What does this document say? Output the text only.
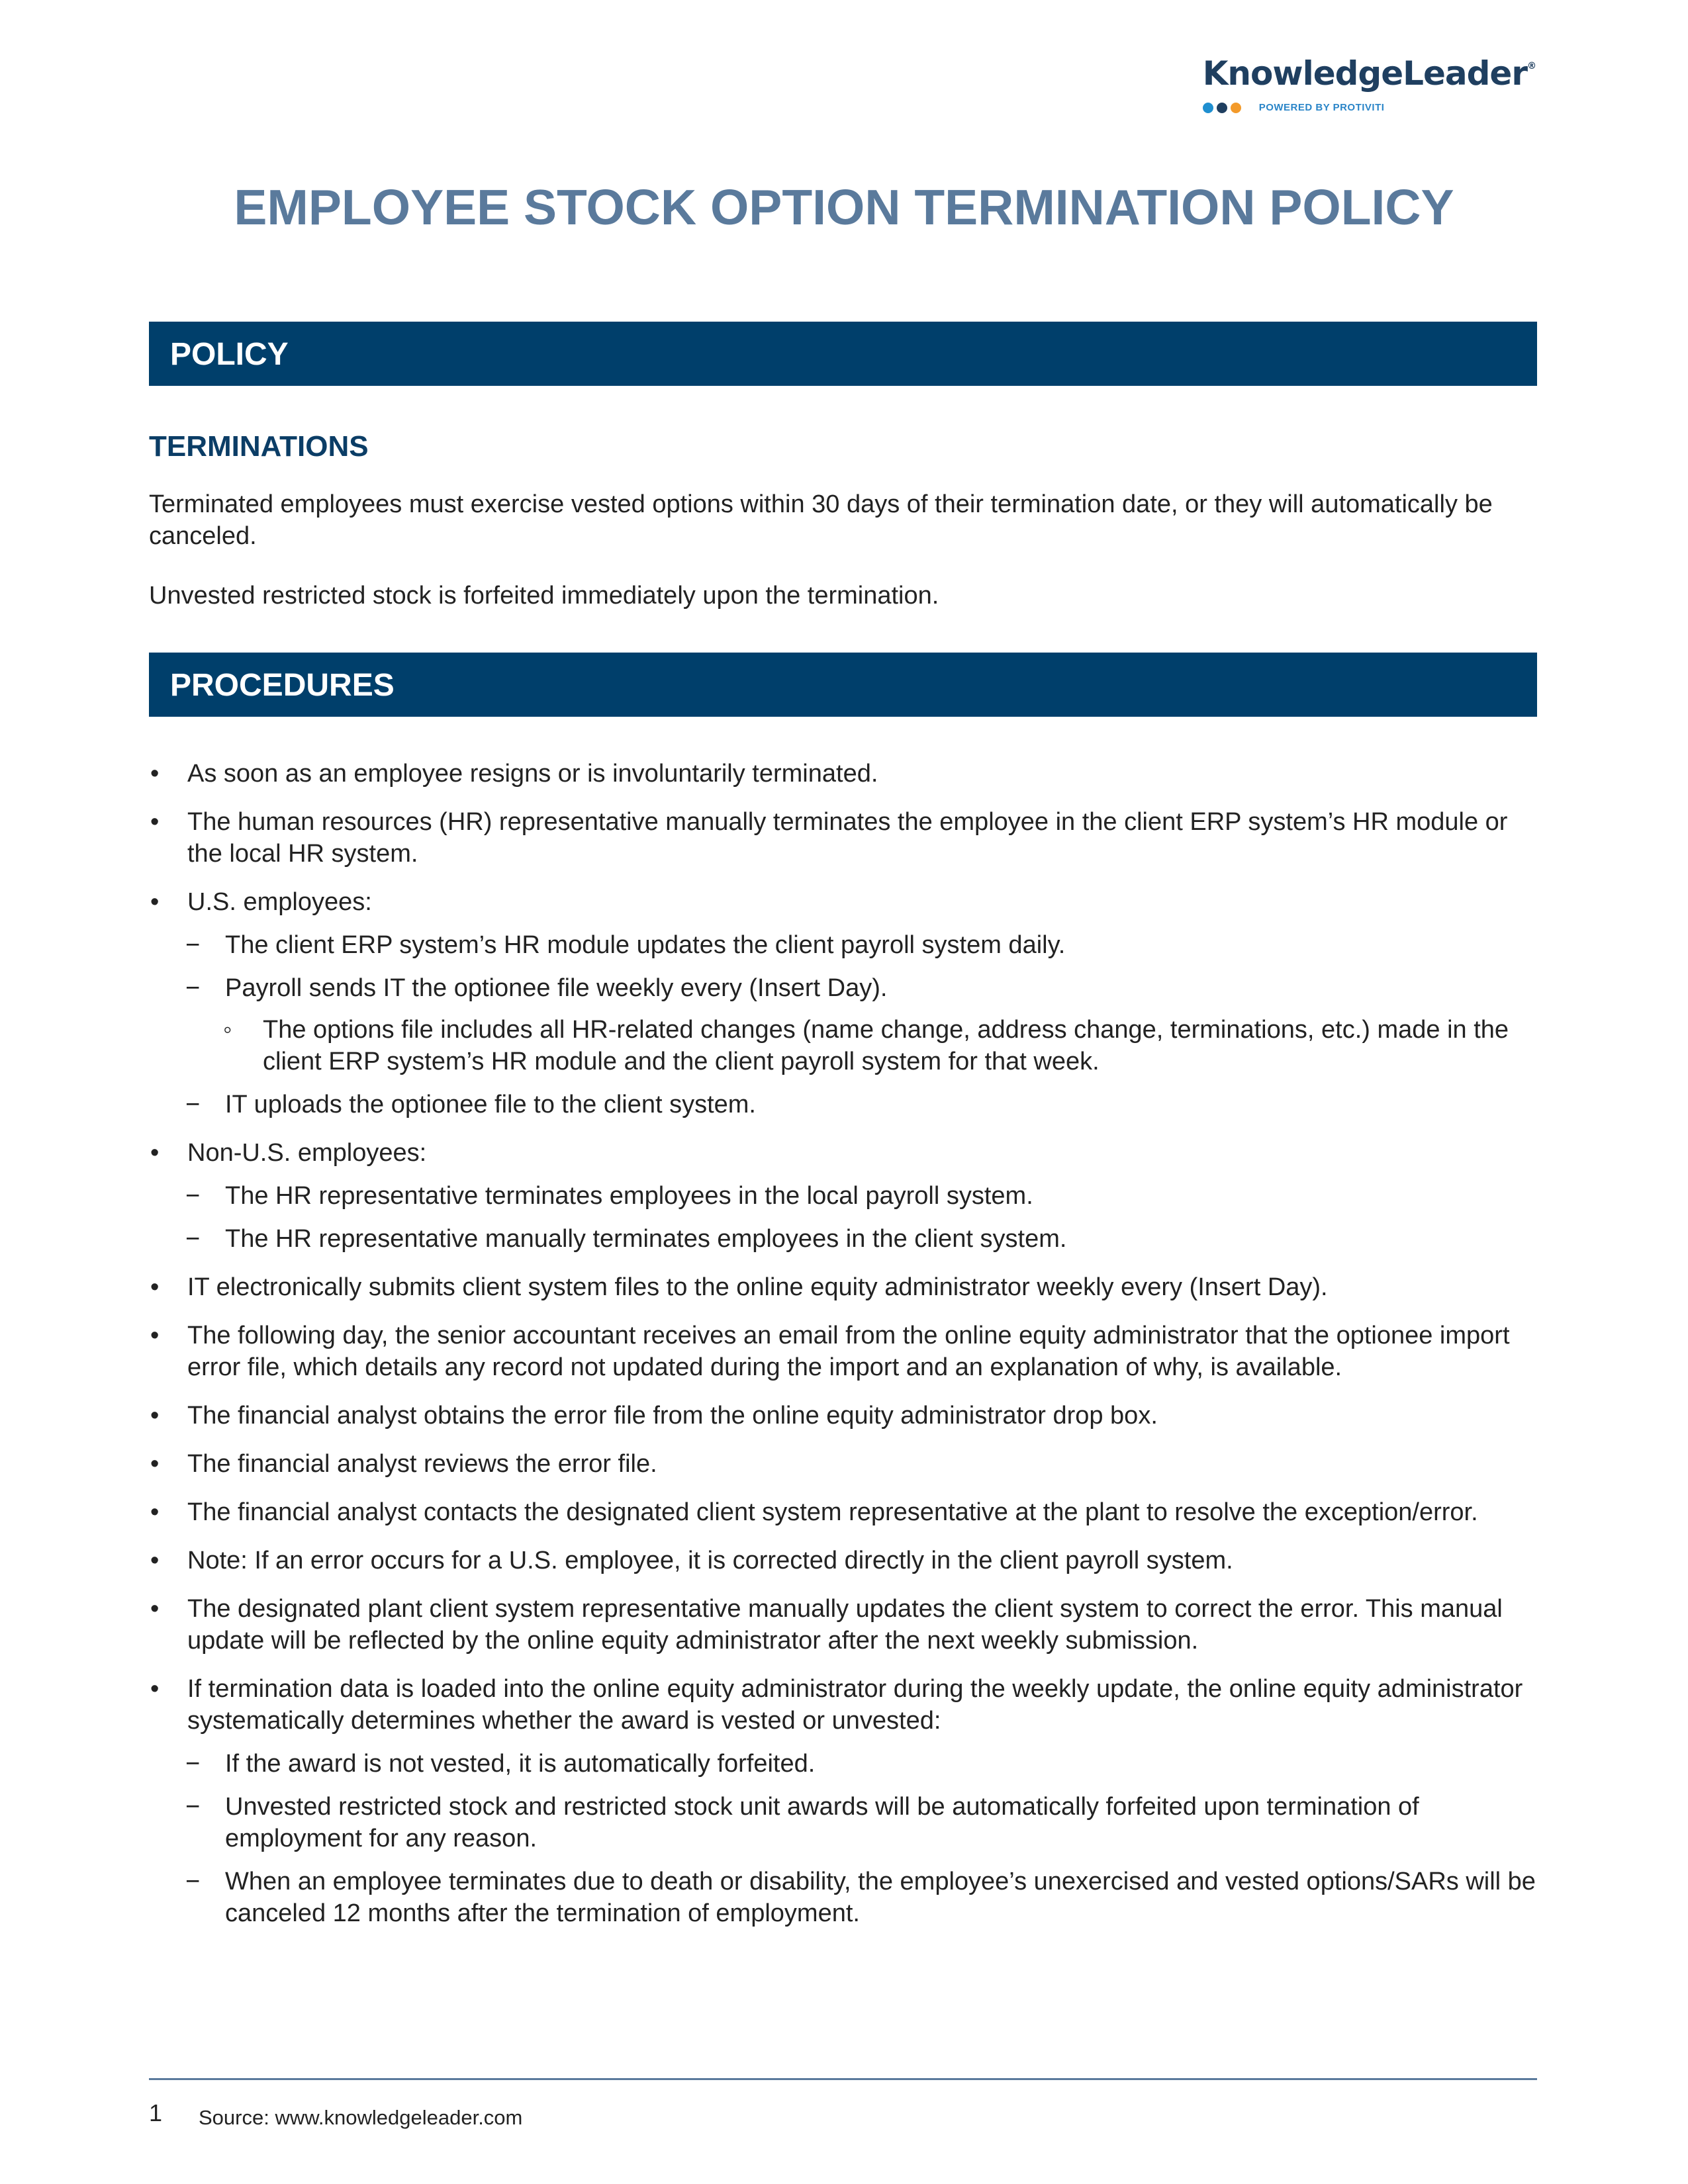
KnowledgeLeader®
POWERED BY PROTIVITI
EMPLOYEE STOCK OPTION TERMINATION POLICY
POLICY
TERMINATIONS
Terminated employees must exercise vested options within 30 days of their termination date, or they will automatically be canceled.
Unvested restricted stock is forfeited immediately upon the termination.
PROCEDURES
• As soon as an employee resigns or is involuntarily terminated.
• The human resources (HR) representative manually terminates the employee in the client ERP system’s HR module or the local HR system.
• U.S. employees:
− The client ERP system’s HR module updates the client payroll system daily.
− Payroll sends IT the optionee file weekly every (Insert Day).
◦ The options file includes all HR-related changes (name change, address change, terminations, etc.) made in the client ERP system’s HR module and the client payroll system for that week.
− IT uploads the optionee file to the client system.
• Non-U.S. employees:
− The HR representative terminates employees in the local payroll system.
− The HR representative manually terminates employees in the client system.
• IT electronically submits client system files to the online equity administrator weekly every (Insert Day).
• The following day, the senior accountant receives an email from the online equity administrator that the optionee import error file, which details any record not updated during the import and an explanation of why, is available.
• The financial analyst obtains the error file from the online equity administrator drop box.
• The financial analyst reviews the error file.
• The financial analyst contacts the designated client system representative at the plant to resolve the exception/error.
• Note: If an error occurs for a U.S. employee, it is corrected directly in the client payroll system.
• The designated plant client system representative manually updates the client system to correct the error. This manual update will be reflected by the online equity administrator after the next weekly submission.
• If termination data is loaded into the online equity administrator during the weekly update, the online equity administrator systematically determines whether the award is vested or unvested:
− If the award is not vested, it is automatically forfeited.
− Unvested restricted stock and restricted stock unit awards will be automatically forfeited upon termination of employment for any reason.
− When an employee terminates due to death or disability, the employee’s unexercised and vested options/SARs will be canceled 12 months after the termination of employment.
1 Source: www.knowledgeleader.com
